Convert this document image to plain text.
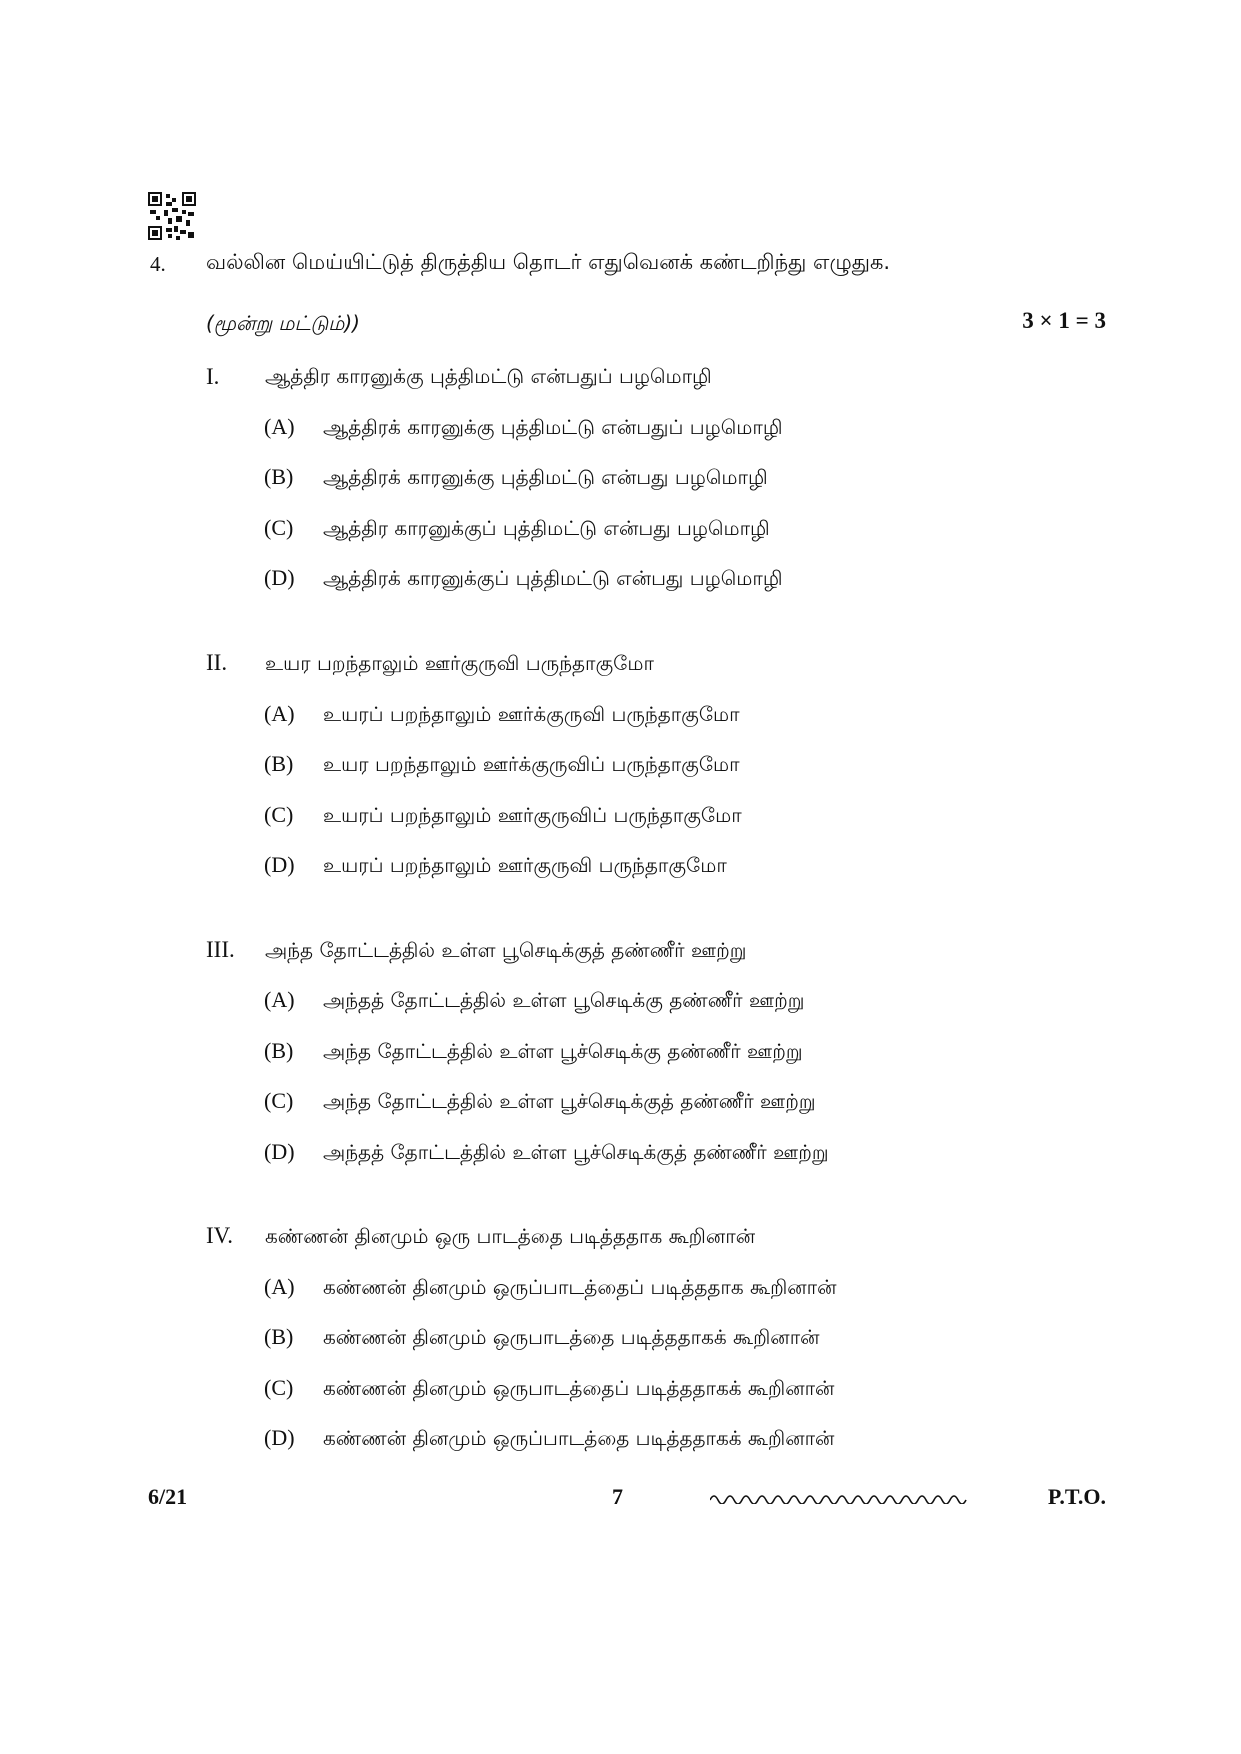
4. வல்லின மெய்யிட்டுத் திருத்திய தொடர் எதுவெனக் கண்டறிந்து எழுதுக.
(மூன்று மட்டும்))	3 × 1 = 3
I. ஆத்திர காரனுக்கு புத்திமட்டு என்பதுப் பழமொழி
(A) ஆத்திரக் காரனுக்கு புத்திமட்டு என்பதுப் பழமொழி
(B) ஆத்திரக் காரனுக்கு புத்திமட்டு என்பது பழமொழி
(C) ஆத்திர காரனுக்குப் புத்திமட்டு என்பது பழமொழி
(D) ஆத்திரக் காரனுக்குப் புத்திமட்டு என்பது பழமொழி
II. உயர பறந்தாலும் ஊர்குருவி பருந்தாகுமோ
(A) உயரப் பறந்தாலும் ஊர்க்குருவி பருந்தாகுமோ
(B) உயர பறந்தாலும் ஊர்க்குருவிப் பருந்தாகுமோ
(C) உயரப் பறந்தாலும் ஊர்குருவிப் பருந்தாகுமோ
(D) உயரப் பறந்தாலும் ஊர்குருவி பருந்தாகுமோ
III. அந்த தோட்டத்தில் உள்ள பூசெடிக்குத் தண்ணீர் ஊற்று
(A) அந்தத் தோட்டத்தில் உள்ள பூசெடிக்கு தண்ணீர் ஊற்று
(B) அந்த தோட்டத்தில் உள்ள பூச்செடிக்கு தண்ணீர் ஊற்று
(C) அந்த தோட்டத்தில் உள்ள பூச்செடிக்குத் தண்ணீர் ஊற்று
(D) அந்தத் தோட்டத்தில் உள்ள பூச்செடிக்குத் தண்ணீர் ஊற்று
IV. கண்ணன் தினமும் ஒரு பாடத்தை படித்ததாக கூறினான்
(A) கண்ணன் தினமும் ஒருப்பாடத்தைப் படித்ததாக கூறினான்
(B) கண்ணன் தினமும் ஒருபாடத்தை படித்ததாகக் கூறினான்
(C) கண்ணன் தினமும் ஒருபாடத்தைப் படித்ததாகக் கூறினான்
(D) கண்ணன் தினமும் ஒருப்பாடத்தை படித்ததாகக் கூறினான்
6/21	7	P.T.O.
